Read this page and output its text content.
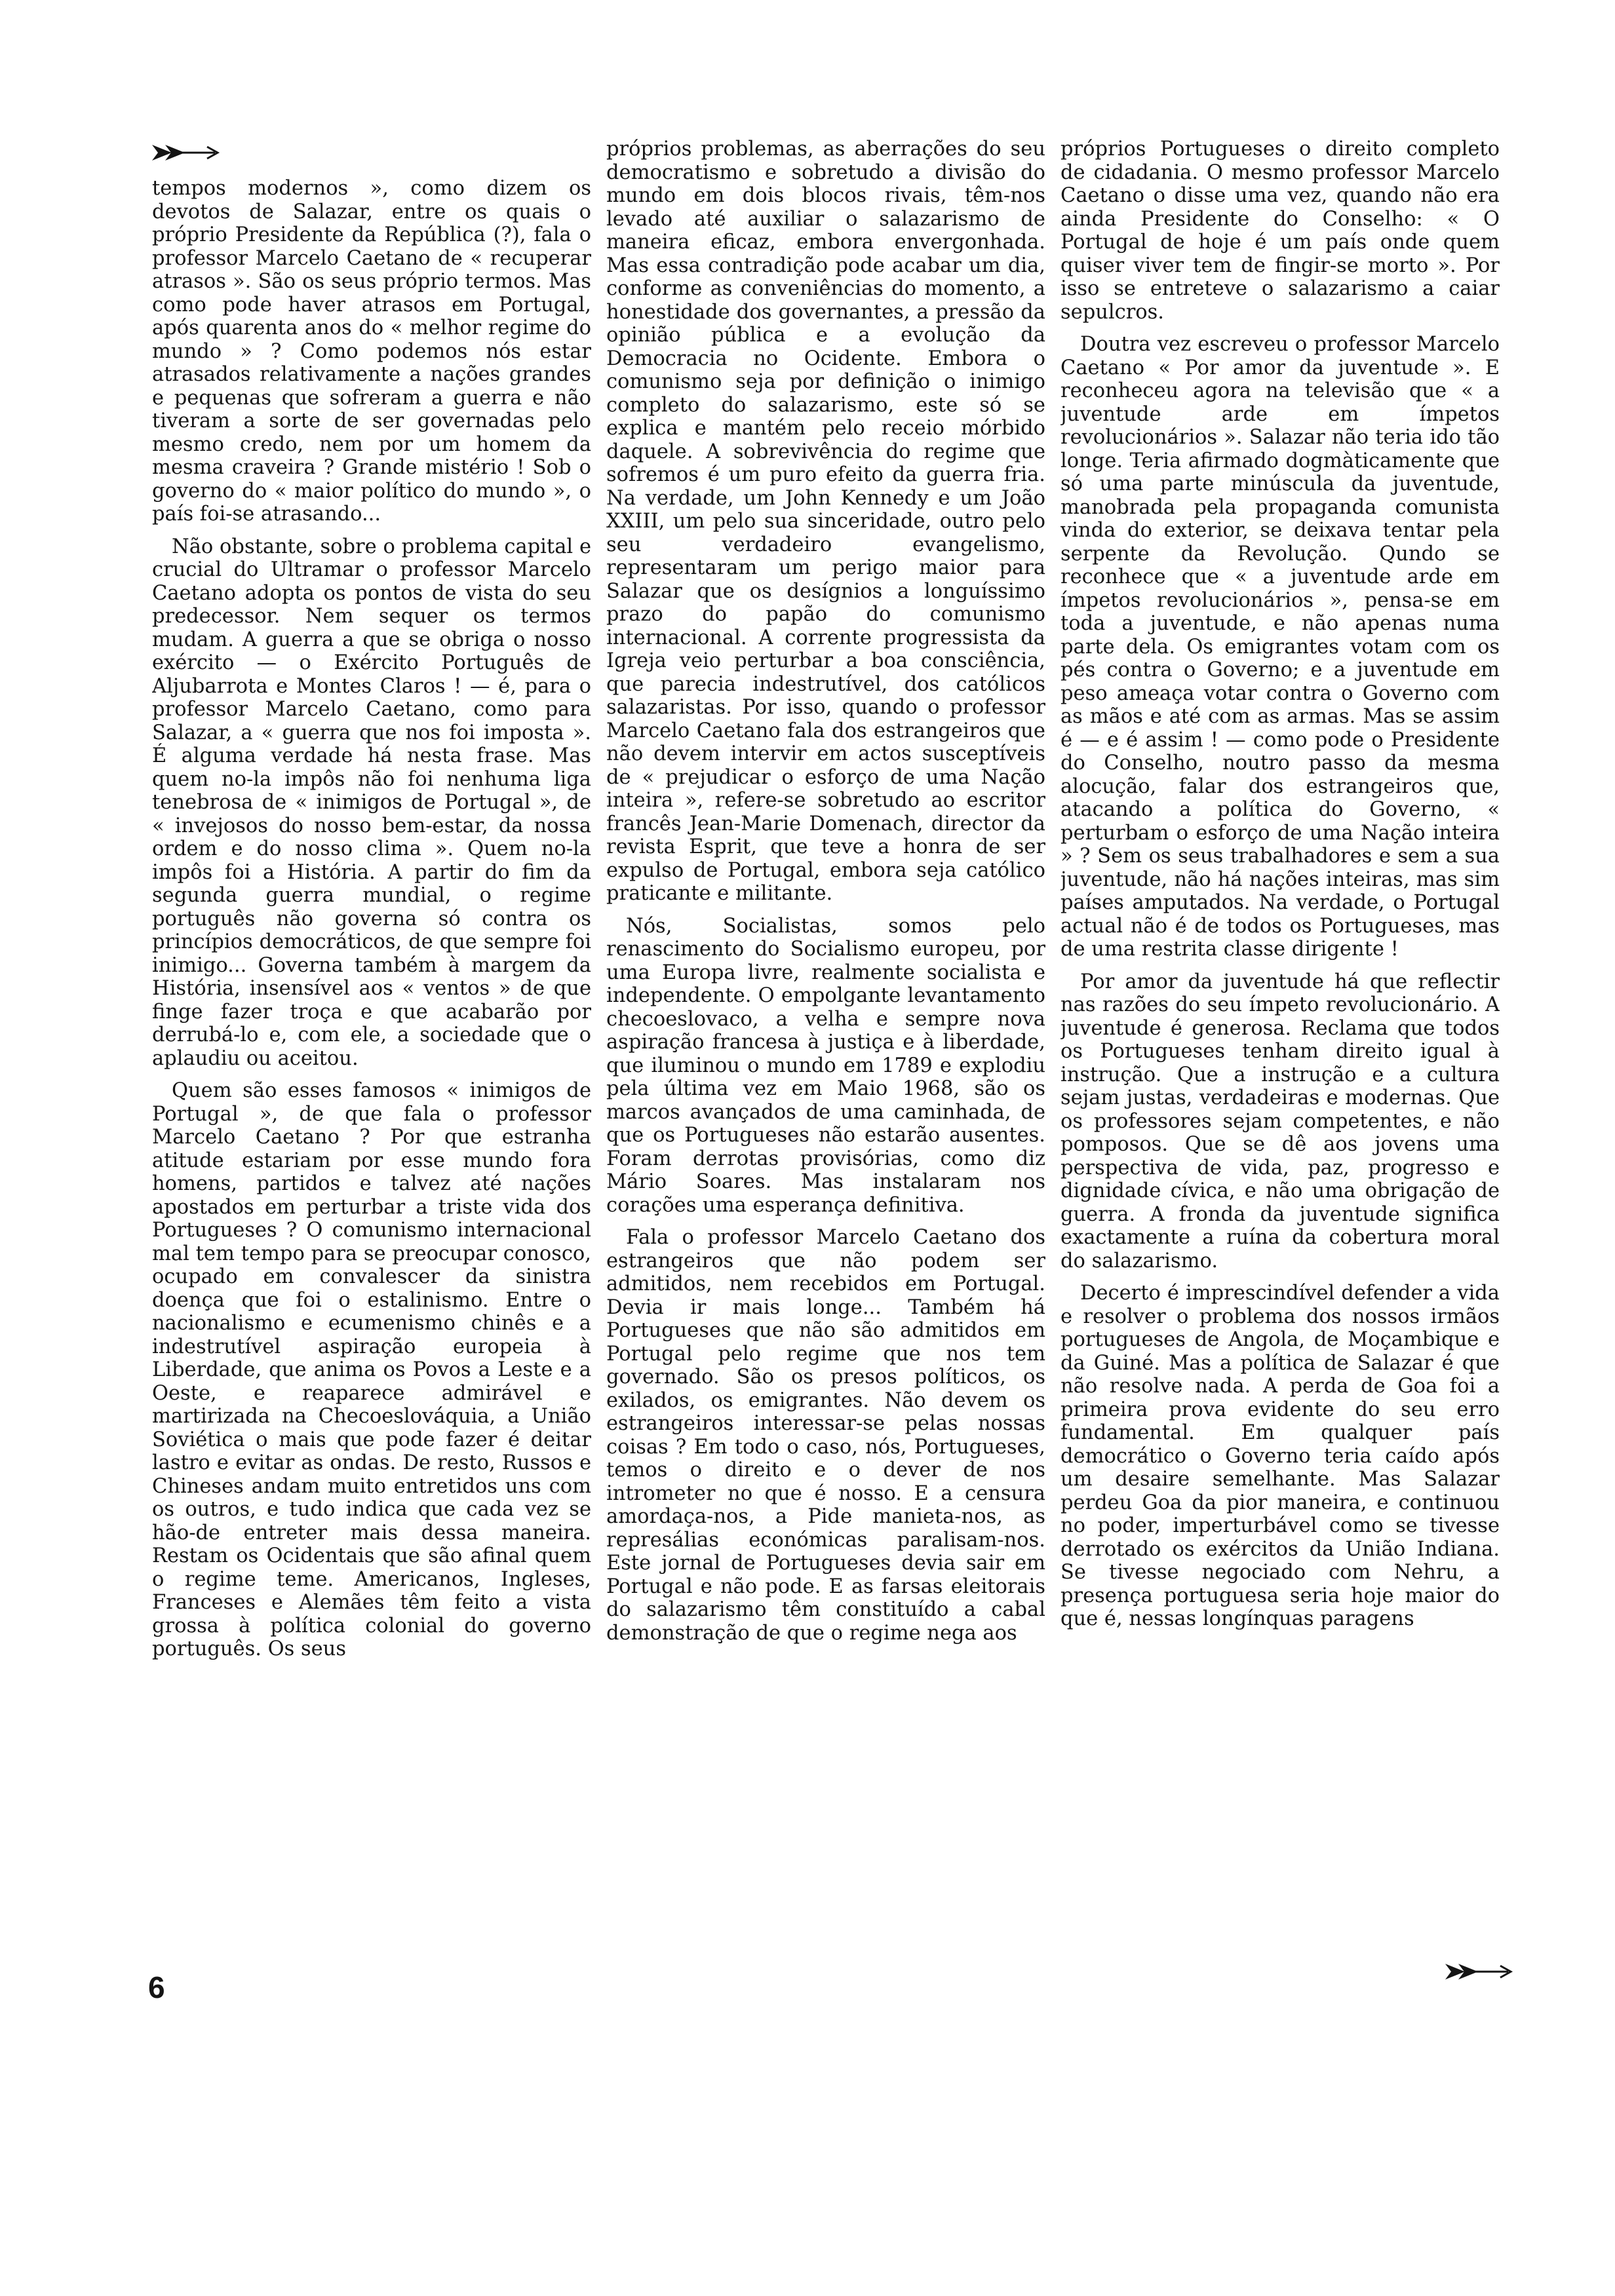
tempos modernos », como dizem os devotos de Salazar, entre os quais o próprio Presidente da República (?), fala o professor Marcelo Caetano de « recuperar atrasos ». São os seus próprio termos. Mas como pode haver atrasos em Portugal, após quarenta anos do « melhor regime do mundo » ? Como podemos nós estar atrasados relativamente a nações grandes e pequenas que sofreram a guerra e não tiveram a sorte de ser governadas pelo mesmo credo, nem por um homem da mesma craveira ? Grande mistério ! Sob o governo do « maior político do mundo », o país foi-se atrasando...

Não obstante, sobre o problema capital e crucial do Ultramar o professor Marcelo Caetano adopta os pontos de vista do seu predecessor. Nem sequer os termos mudam. A guerra a que se obriga o nosso exército — o Exército Português de Aljubarrota e Montes Claros ! — é, para o professor Marcelo Caetano, como para Salazar, a « guerra que nos foi imposta ». É alguma verdade há nesta frase. Mas quem no-la impôs não foi nenhuma liga tenebrosa de « inimigos de Portugal », de « invejosos do nosso bem-estar, da nossa ordem e do nosso clima ». Quem no-la impôs foi a História. A partir do fim da segunda guerra mundial, o regime português não governa só contra os princípios democráticos, de que sempre foi inimigo... Governa também à margem da História, insensível aos « ventos » de que finge fazer troça e que acabarão por derrubá-lo e, com ele, a sociedade que o aplaudiu ou aceitou.

Quem são esses famosos « inimigos de Portugal », de que fala o professor Marcelo Caetano ? Por que estranha atitude estariam por esse mundo fora homens, partidos e talvez até nações apostados em perturbar a triste vida dos Portugueses ? O comunismo internacional mal tem tempo para se preocupar conosco, ocupado em convalescer da sinistra doença que foi o estalinismo. Entre o nacionalismo e ecumenismo chinês e a indestrutível aspiração europeia à Liberdade, que anima os Povos a Leste e a Oeste, e reaparece admirável e martirizada na Checoeslováquia, a União Soviética o mais que pode fazer é deitar lastro e evitar as ondas. De resto, Russos e Chineses andam muito entretidos uns com os outros, e tudo indica que cada vez se hão-de entreter mais dessa maneira. Restam os Ocidentais que são afinal quem o regime teme. Americanos, Ingleses, Franceses e Alemães têm feito a vista grossa à política colonial do governo português. Os seus

próprios problemas, as aberrações do seu democratismo e sobretudo a divisão do mundo em dois blocos rivais, têm-nos levado até auxiliar o salazarismo de maneira eficaz, embora envergonhada. Mas essa contradição pode acabar um dia, conforme as conveniências do momento, a honestidade dos governantes, a pressão da opinião pública e a evolução da Democracia no Ocidente. Embora o comunismo seja por definição o inimigo completo do salazarismo, este só se explica e mantém pelo receio mórbido daquele. A sobrevivência do regime que sofremos é um puro efeito da guerra fria. Na verdade, um John Kennedy e um João XXIII, um pelo sua sinceridade, outro pelo seu verdadeiro evangelismo, representaram um perigo maior para Salazar que os desígnios a longuíssimo prazo do papão do comunismo internacional. A corrente progressista da Igreja veio perturbar a boa consciência, que parecia indestrutível, dos católicos salazaristas. Por isso, quando o professor Marcelo Caetano fala dos estrangeiros que não devem intervir em actos susceptíveis de « prejudicar o esforço de uma Nação inteira », refere-se sobretudo ao escritor francês Jean-Marie Domenach, director da revista Esprit, que teve a honra de ser expulso de Portugal, embora seja católico praticante e militante.

Nós, Socialistas, somos pelo renascimento do Socialismo europeu, por uma Europa livre, realmente socialista e independente. O empolgante levantamento checoeslovaco, a velha e sempre nova aspiração francesa à justiça e à liberdade, que iluminou o mundo em 1789 e explodiu pela última vez em Maio 1968, são os marcos avançados de uma caminhada, de que os Portugueses não estarão ausentes. Foram derrotas provisórias, como diz Mário Soares. Mas instalaram nos corações uma esperança definitiva.

Fala o professor Marcelo Caetano dos estrangeiros que não podem ser admitidos, nem recebidos em Portugal. Devia ir mais longe... Também há Portugueses que não são admitidos em Portugal pelo regime que nos tem governado. São os presos políticos, os exilados, os emigrantes. Não devem os estrangeiros interessar-se pelas nossas coisas ? Em todo o caso, nós, Portugueses, temos o direito e o dever de nos intrometer no que é nosso. E a censura amordaça-nos, a Pide manieta-nos, as represálias económicas paralisam-nos. Este jornal de Portugueses devia sair em Portugal e não pode. E as farsas eleitorais do salazarismo têm constituído a cabal demonstração de que o regime nega aos

próprios Portugueses o direito completo de cidadania. O mesmo professor Marcelo Caetano o disse uma vez, quando não era ainda Presidente do Conselho: « O Portugal de hoje é um país onde quem quiser viver tem de fingir-se morto ». Por isso se entreteve o salazarismo a caiar sepulcros.

Doutra vez escreveu o professor Marcelo Caetano « Por amor da juventude ». E reconheceu agora na televisão que « a juventude arde em ímpetos revolucionários ». Salazar não teria ido tão longe. Teria afirmado dogmàticamente que só uma parte minúscula da juventude, manobrada pela propaganda comunista vinda do exterior, se deixava tentar pela serpente da Revolução. Qundo se reconhece que « a juventude arde em ímpetos revolucionários », pensa-se em toda a juventude, e não apenas numa parte dela. Os emigrantes votam com os pés contra o Governo; e a juventude em peso ameaça votar contra o Governo com as mãos e até com as armas. Mas se assim é — e é assim ! — como pode o Presidente do Conselho, noutro passo da mesma alocução, falar dos estrangeiros que, atacando a política do Governo, « perturbam o esforço de uma Nação inteira » ? Sem os seus trabalhadores e sem a sua juventude, não há nações inteiras, mas sim países amputados. Na verdade, o Portugal actual não é de todos os Portugueses, mas de uma restrita classe dirigente !

Por amor da juventude há que reflectir nas razões do seu ímpeto revolucionário. A juventude é generosa. Reclama que todos os Portugueses tenham direito igual à instrução. Que a instrução e a cultura sejam justas, verdadeiras e modernas. Que os professores sejam competentes, e não pomposos. Que se dê aos jovens uma perspectiva de vida, paz, progresso e dignidade cívica, e não uma obrigação de guerra. A fronda da juventude significa exactamente a ruína da cobertura moral do salazarismo.

Decerto é imprescindível defender a vida e resolver o problema dos nossos irmãos portugueses de Angola, de Moçambique e da Guiné. Mas a política de Salazar é que não resolve nada. A perda de Goa foi a primeira prova evidente do seu erro fundamental. Em qualquer país democrático o Governo teria caído após um desaire semelhante. Mas Salazar perdeu Goa da pior maneira, e continuou no poder, imperturbável como se tivesse derrotado os exércitos da União Indiana. Se tivesse negociado com Nehru, a presença portuguesa seria hoje maior do que é, nessas longínquas paragens

6
